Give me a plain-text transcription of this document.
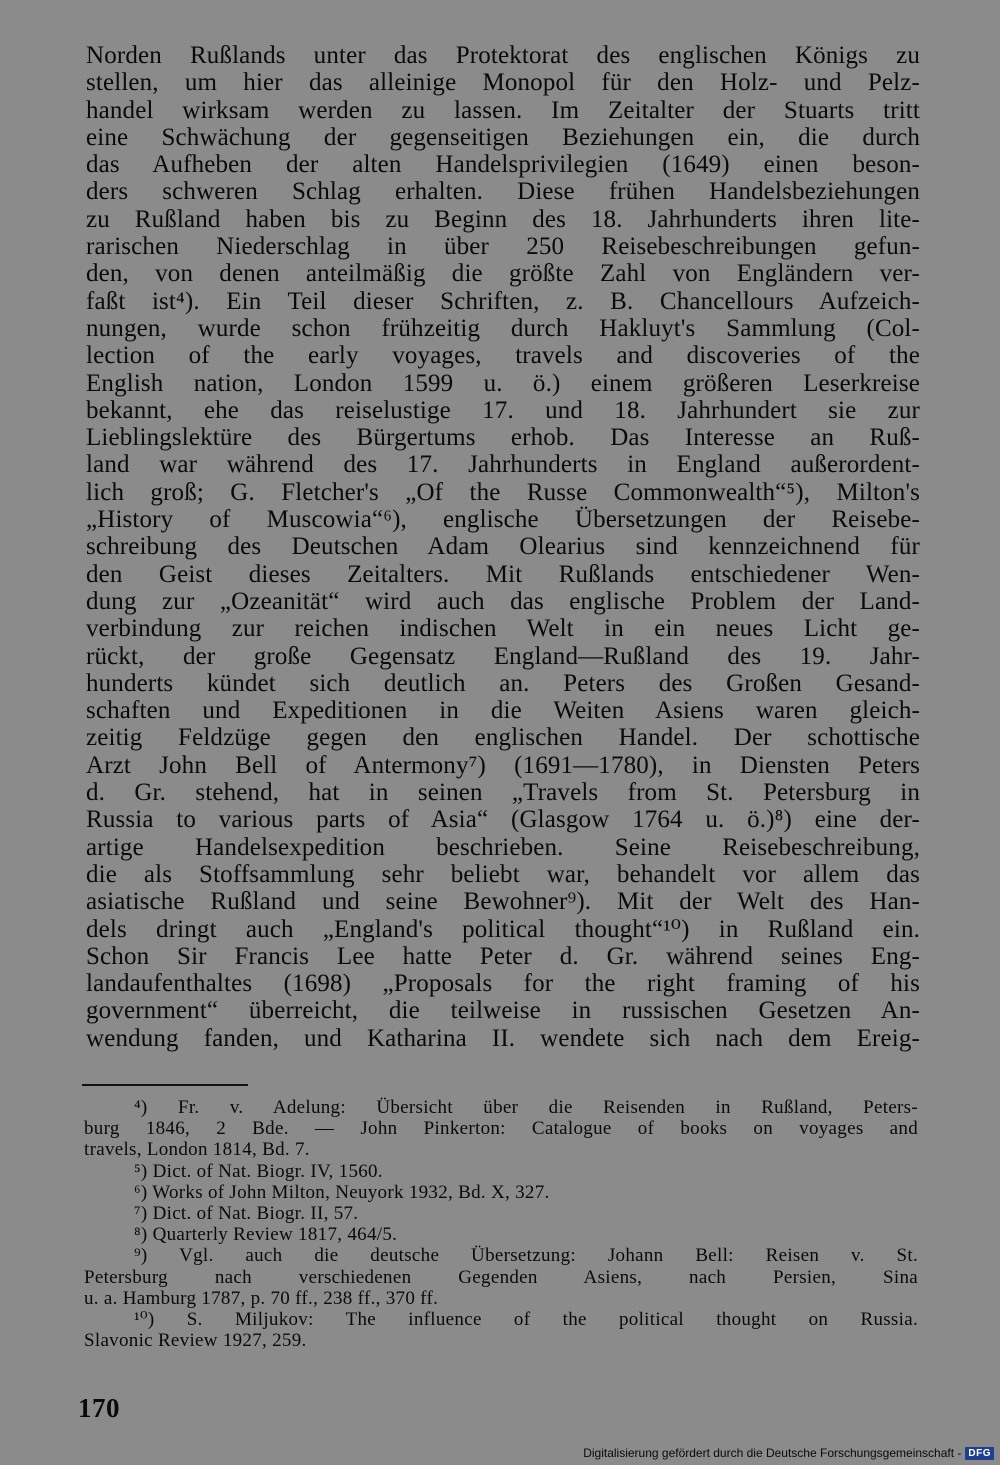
Norden Rußlands unter das Protektorat des englischen Königs zu
stellen, um hier das alleinige Monopol für den Holz- und Pelz-
handel wirksam werden zu lassen. Im Zeitalter der Stuarts tritt
eine Schwächung der gegenseitigen Beziehungen ein, die durch
das Aufheben der alten Handelsprivilegien (1649) einen beson-
ders schweren Schlag erhalten. Diese frühen Handelsbeziehungen
zu Rußland haben bis zu Beginn des 18. Jahrhunderts ihren lite-
rarischen Niederschlag in über 250 Reisebeschreibungen gefun-
den, von denen anteilmäßig die größte Zahl von Engländern ver-
faßt ist⁴). Ein Teil dieser Schriften, z. B. Chancellours Aufzeich-
nungen, wurde schon frühzeitig durch Hakluyt's Sammlung (Col-
lection of the early voyages, travels and discoveries of the
English nation, London 1599 u. ö.) einem größeren Leserkreise
bekannt, ehe das reiselustige 17. und 18. Jahrhundert sie zur
Lieblingslektüre des Bürgertums erhob. Das Interesse an Ruß-
land war während des 17. Jahrhunderts in England außerordent-
lich groß; G. Fletcher's „Of the Russe Commonwealth“⁵), Milton's
„History of Muscowia“⁶), englische Übersetzungen der Reisebe-
schreibung des Deutschen Adam Olearius sind kennzeichnend für
den Geist dieses Zeitalters. Mit Rußlands entschiedener Wen-
dung zur „Ozeanität“ wird auch das englische Problem der Land-
verbindung zur reichen indischen Welt in ein neues Licht ge-
rückt, der große Gegensatz England—Rußland des 19. Jahr-
hunderts kündet sich deutlich an. Peters des Großen Gesand-
schaften und Expeditionen in die Weiten Asiens waren gleich-
zeitig Feldzüge gegen den englischen Handel. Der schottische
Arzt John Bell of Antermony⁷) (1691—1780), in Diensten Peters
d. Gr. stehend, hat in seinen „Travels from St. Petersburg in
Russia to various parts of Asia“ (Glasgow 1764 u. ö.)⁸) eine der-
artige Handelsexpedition beschrieben. Seine Reisebeschreibung,
die als Stoffsammlung sehr beliebt war, behandelt vor allem das
asiatische Rußland und seine Bewohner⁹). Mit der Welt des Han-
dels dringt auch „England's political thought“¹⁰) in Rußland ein.
Schon Sir Francis Lee hatte Peter d. Gr. während seines Eng-
landaufenthaltes (1698) „Proposals for the right framing of his
government“ überreicht, die teilweise in russischen Gesetzen An-
wendung fanden, und Katharina II. wendete sich nach dem Ereig-
⁴) Fr. v. Adelung: Übersicht über die Reisenden in Rußland, Peters-
burg 1846, 2 Bde. — John Pinkerton: Catalogue of books on voyages and
travels, London 1814, Bd. 7.
⁵) Dict. of Nat. Biogr. IV, 1560.
⁶) Works of John Milton, Neuyork 1932, Bd. X, 327.
⁷) Dict. of Nat. Biogr. II, 57.
⁸) Quarterly Review 1817, 464/5.
⁹) Vgl. auch die deutsche Übersetzung: Johann Bell: Reisen v. St.
Petersburg nach verschiedenen Gegenden Asiens, nach Persien, Sina
u. a. Hamburg 1787, p. 70 ff., 238 ff., 370 ff.
¹⁰) S. Miljukov: The influence of the political thought on Russia.
Slavonic Review 1927, 259.
170
Digitalisierung gefördert durch die Deutsche Forschungsgemeinschaft - DFG
